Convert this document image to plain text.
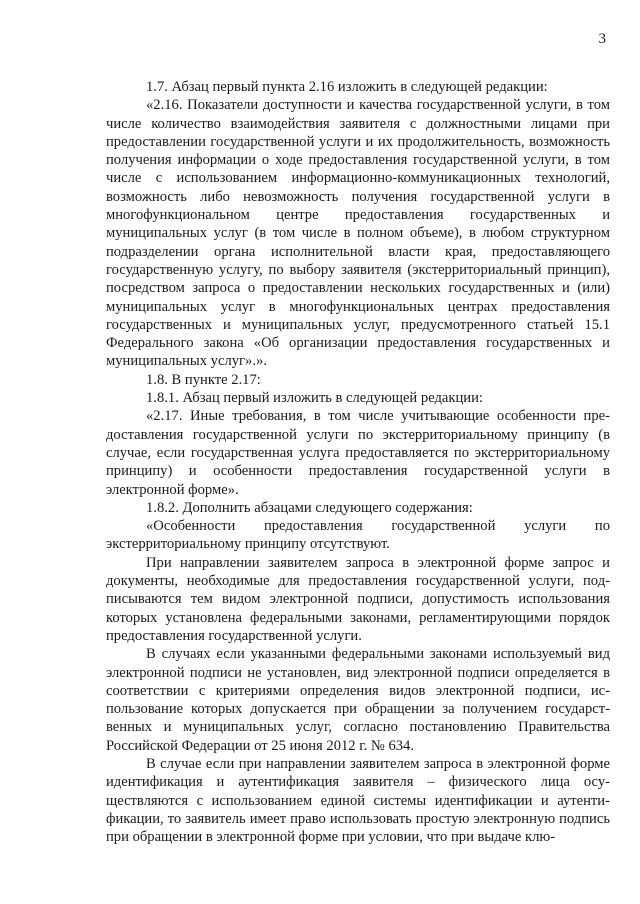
3

1.7. Абзац первый пункта 2.16 изложить в следующей редакции:

«2.16. Показатели доступности и качества государственной услуги, в том числе количество взаимодействия заявителя с должностными лицами при предоставлении государственной услуги и их продолжительность, возможность получения информации о ходе предоставления государственной услуги, в том числе с использованием информационно-коммуникационных технологий, возможность либо невозможность получения государственной услуги в многофункциональном центре предоставления государственных и муниципальных услуг (в том числе в полном объеме), в любом структурном подразделении органа исполнительной власти края, предоставляющего государственную услугу, по выбору заявителя (экстерриториальный принцип), посредством запроса о предоставлении нескольких государственных и (или) муниципальных услуг в многофункциональных центрах предоставления государственных и муниципальных услуг, предусмотренного статьей 15.1 Федерального закона «Об организации предоставления государственных и муниципальных услуг».».

1.8. В пункте 2.17:

1.8.1. Абзац первый изложить в следующей редакции:

«2.17. Иные требования, в том числе учитывающие особенности предоставления государственной услуги по экстерриториальному принципу (в случае, если государственная услуга предоставляется по экстерриториальному принципу) и особенности предоставления государственной услуги в электронной форме».

1.8.2. Дополнить абзацами следующего содержания:

«Особенности предоставления государственной услуги по экстерриториальному принципу отсутствуют.

При направлении заявителем запроса в электронной форме запрос и документы, необходимые для предоставления государственной услуги, подписываются тем видом электронной подписи, допустимость использования которых установлена федеральными законами, регламентирующими порядок предоставления государственной услуги.

В случаях если указанными федеральными законами используемый вид электронной подписи не установлен, вид электронной подписи определяется в соответствии с критериями определения видов электронной подписи, использование которых допускается при обращении за получением государственных и муниципальных услуг, согласно постановлению Правительства Российской Федерации от 25 июня 2012 г. № 634.

В случае если при направлении заявителем запроса в электронной форме идентификация и аутентификация заявителя – физического лица осуществляются с использованием единой системы идентификации и аутентификации, то заявитель имеет право использовать простую электронную подпись при обращении в электронной форме при условии, что при выдаче клю-
